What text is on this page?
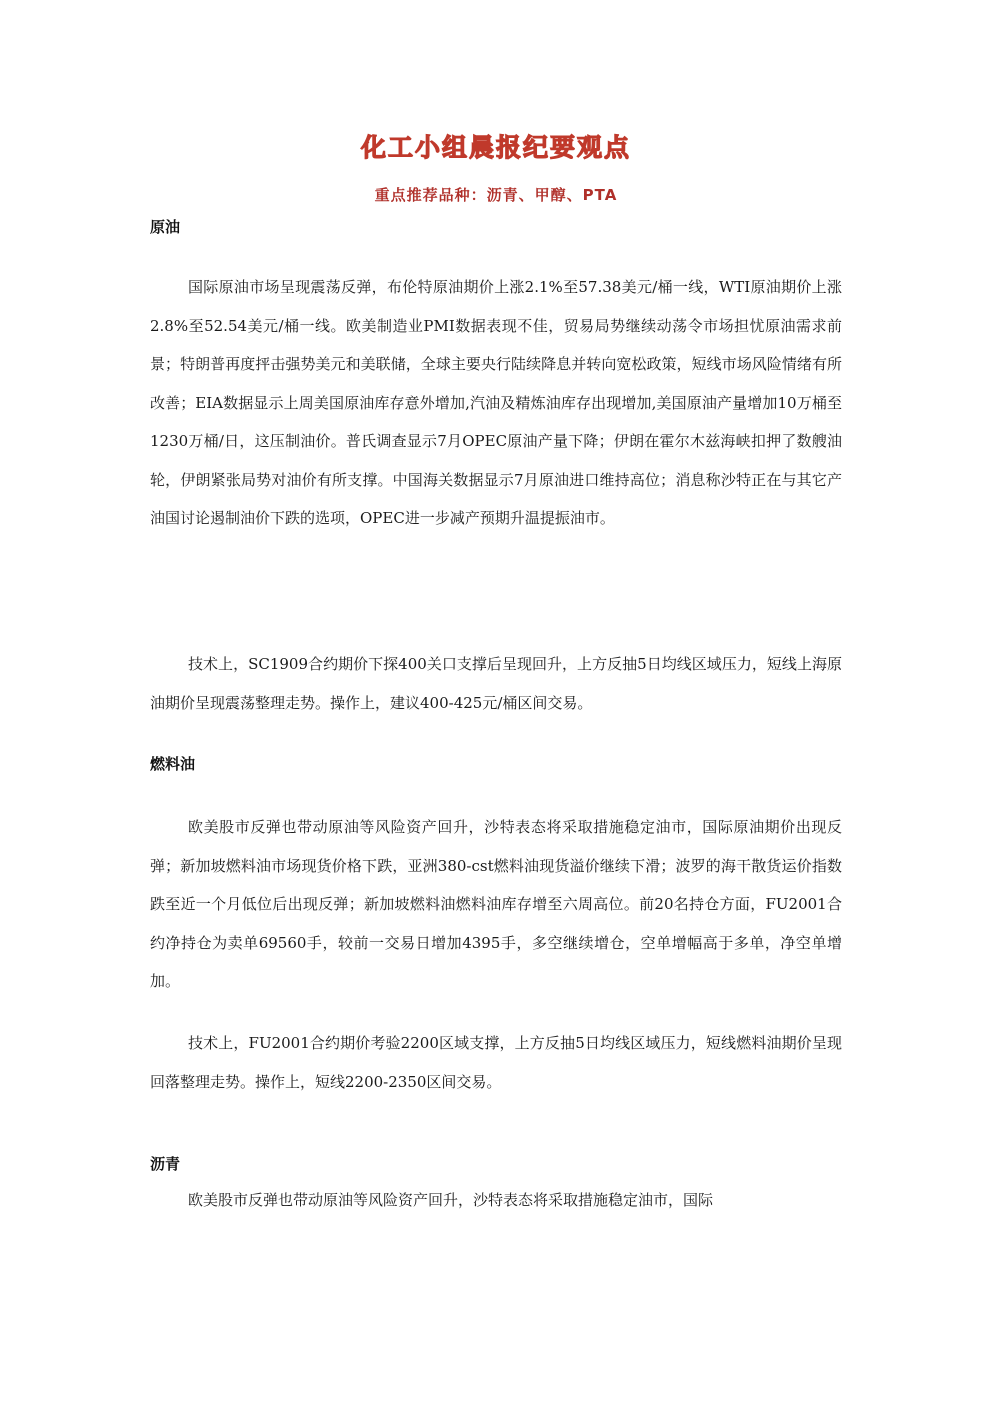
化工小组晨报纪要观点
重点推荐品种：沥青、甲醇、PTA
原油

国际原油市场呈现震荡反弹，布伦特原油期价上涨2.1%至57.38美元/桶一线，WTI原油期价上涨2.8%至52.54美元/桶一线。欧美制造业PMI数据表现不佳，贸易局势继续动荡令市场担忧原油需求前景；特朗普再度抨击强势美元和美联储，全球主要央行陆续降息并转向宽松政策，短线市场风险情绪有所改善；EIA数据显示上周美国原油库存意外增加,汽油及精炼油库存出现增加,美国原油产量增加10万桶至1230万桶/日，这压制油价。普氏调查显示7月OPEC原油产量下降；伊朗在霍尔木兹海峡扣押了数艘油轮，伊朗紧张局势对油价有所支撑。中国海关数据显示7月原油进口维持高位；消息称沙特正在与其它产油国讨论遏制油价下跌的选项，OPEC进一步减产预期升温提振油市。

技术上，SC1909合约期价下探400关口支撑后呈现回升，上方反抽5日均线区域压力，短线上海原油期价呈现震荡整理走势。操作上，建议400-425元/桶区间交易。

燃料油

欧美股市反弹也带动原油等风险资产回升，沙特表态将采取措施稳定油市，国际原油期价出现反弹；新加坡燃料油市场现货价格下跌，亚洲380-cst燃料油现货溢价继续下滑；波罗的海干散货运价指数跌至近一个月低位后出现反弹；新加坡燃料油燃料油库存增至六周高位。前20名持仓方面，FU2001合约净持仓为卖单69560手，较前一交易日增加4395手，多空继续增仓，空单增幅高于多单，净空单增加。

技术上，FU2001合约期价考验2200区域支撑，上方反抽5日均线区域压力，短线燃料油期价呈现回落整理走势。操作上，短线2200-2350区间交易。

沥青

欧美股市反弹也带动原油等风险资产回升，沙特表态将采取措施稳定油市，国际
